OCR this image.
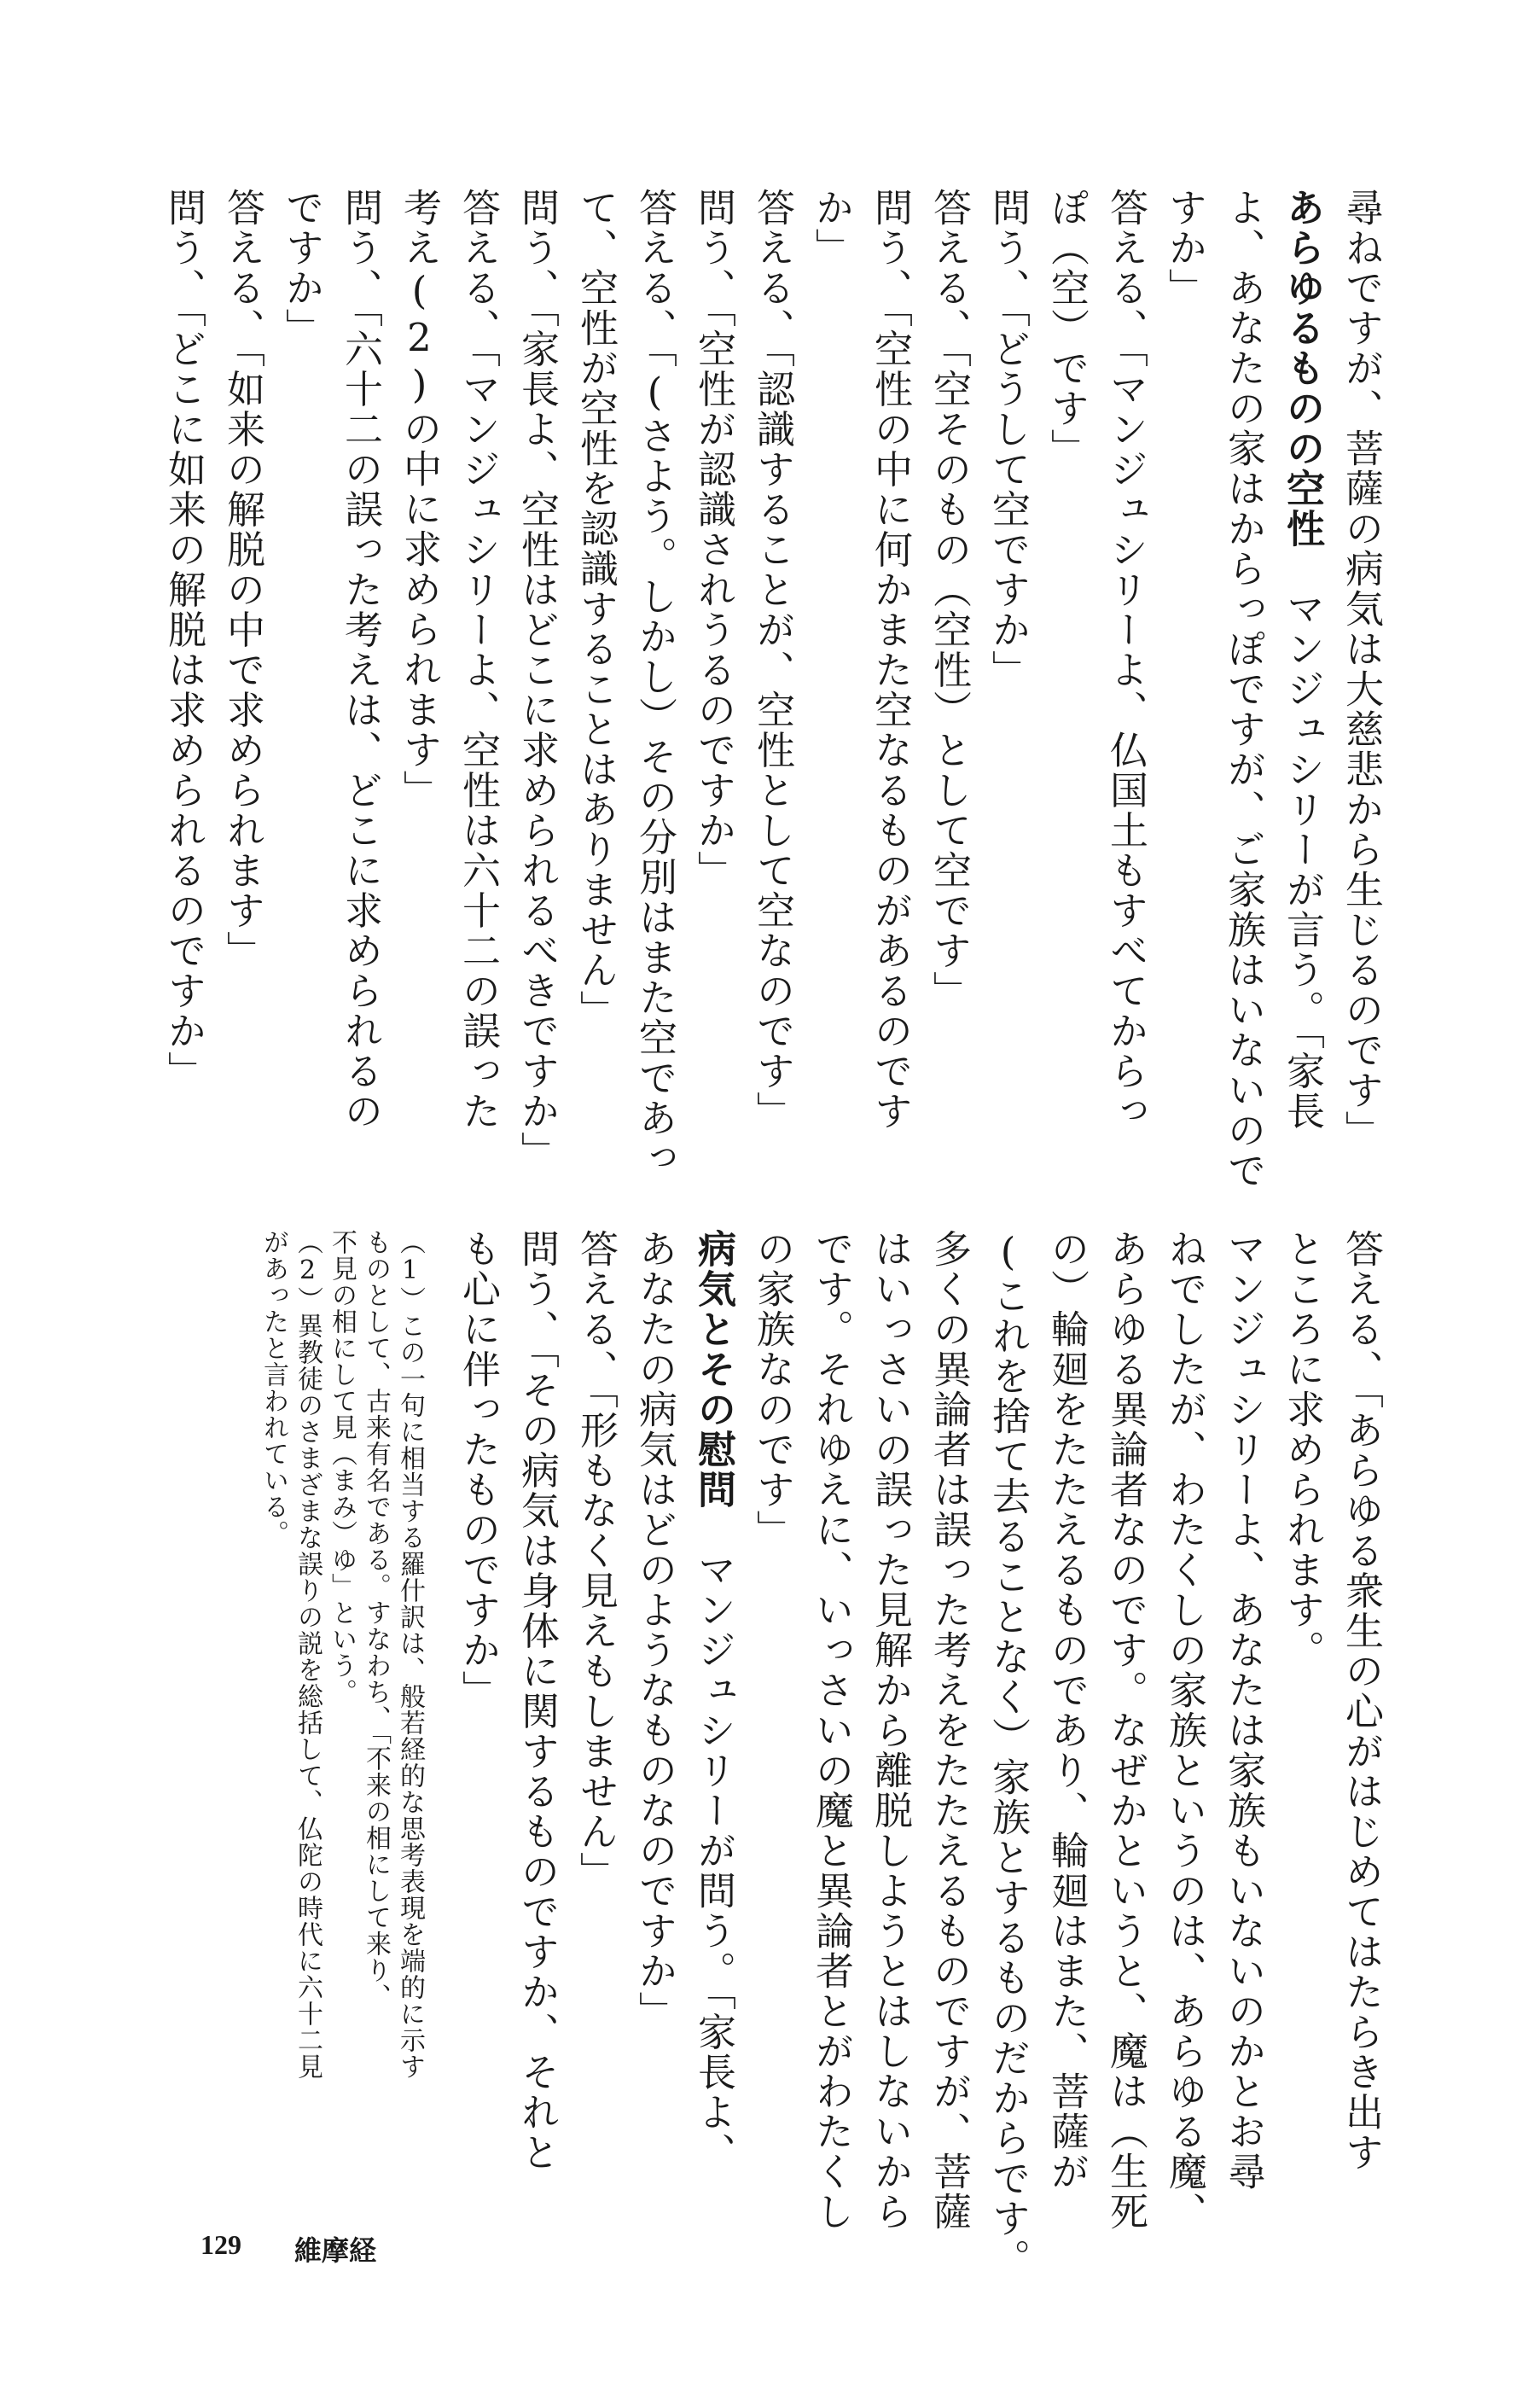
尋ねですが、菩薩の病気は大慈悲から生じるのです」
あらゆるものの空性　マンジュシリーが言う。「家長
よ、あなたの家はからっぽですが、ご家族はいないので
すか」
答える、「マンジュシリーよ、仏国土もすべてからっ
ぽ（空）です」
問う、「どうして空ですか」
答える、「空そのもの（空性）として空です」
問う、「空性の中に何かまた空なるものがあるのです
か」
答える、「認識することが、空性として空なのです」
問う、「空性が認識されうるのですか」
答える、「(さよう。しかし）その分別はまた空であっ
て、空性が空性を認識することはありません」
問う、「家長よ、空性はどこに求められるべきですか」
答える、「マンジュシリーよ、空性は六十二の誤った
考え(2)の中に求められます」
問う、「六十二の誤った考えは、どこに求められるの
ですか」
答える、「如来の解脱の中で求められます」
問う、「どこに如来の解脱は求められるのですか」
答える、「あらゆる衆生の心がはじめてはたらき出す
ところに求められます。
マンジュシリーよ、あなたは家族もいないのかとお尋
ねでしたが、わたくしの家族というのは、あらゆる魔、
あらゆる異論者なのです。なぜかというと、魔は（生死
の）輪廻をたたえるものであり、輪廻はまた、菩薩が
(これを捨て去ることなく）家族とするものだからです。
多くの異論者は誤った考えをたたえるものですが、菩薩
はいっさいの誤った見解から離脱しようとはしないから
です。それゆえに、いっさいの魔と異論者とがわたくし
の家族なのです」
病気とその慰問　マンジュシリーが問う。「家長よ、
あなたの病気はどのようなものなのですか」
答える、「形もなく見えもしません」
問う、「その病気は身体に関するものですか、それと
も心に伴ったものですか」
（1）この一句に相当する羅什訳は、般若経的な思考表現を端的に示す
ものとして、古来有名である。すなわち、「不来の相にして来り、
不見の相にして見（まみ）ゆ」という。
（2）異教徒のさまざまな誤りの説を総括して、仏陀の時代に六十二見
があったと言われている。
129 維摩経
